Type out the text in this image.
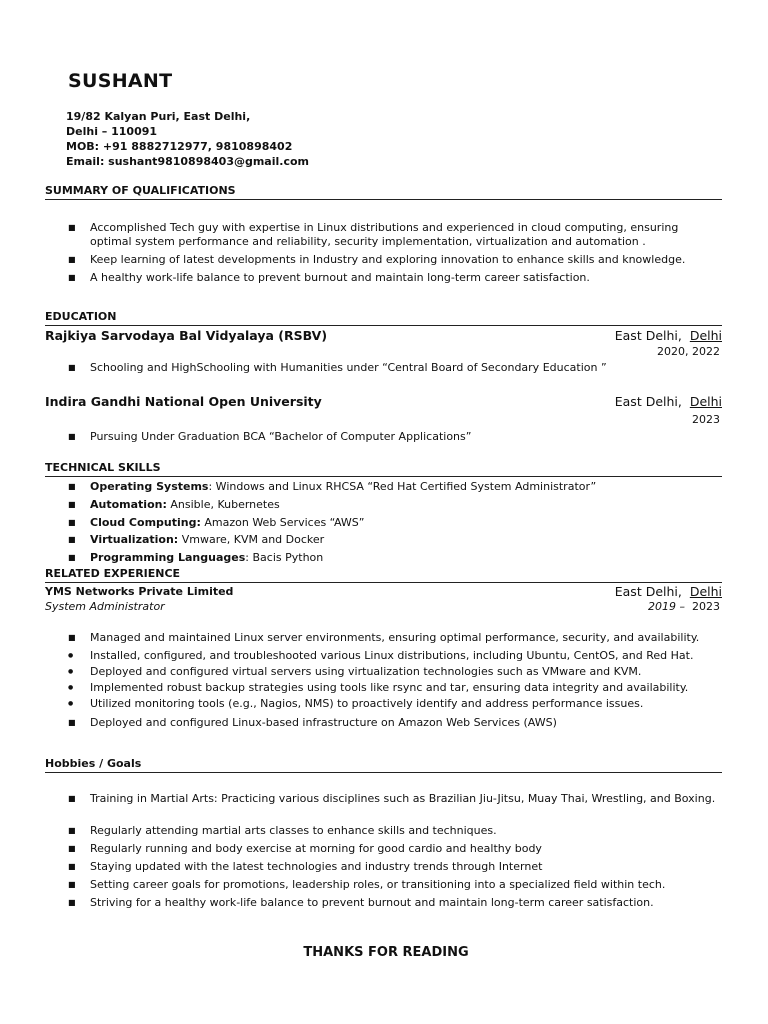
SUSHANT
19/82 Kalyan Puri, East Delhi,
Delhi – 110091
MOB: +91 8882712977, 9810898402
Email: sushant9810898403@gmail.com
SUMMARY OF QUALIFICATIONS
■	Accomplished Tech guy with expertise in Linux distributions and experienced in cloud computing, ensuring optimal system performance and reliability, security implementation, virtualization and automation .
■	Keep learning of latest developments in Industry and exploring innovation to enhance skills and knowledge.
■	A healthy work-life balance to prevent burnout and maintain long-term career satisfaction.
EDUCATION
Rajkiya Sarvodaya Bal Vidyalaya (RSBV)	East Delhi, Delhi
2020, 2022
■	Schooling and HighSchooling with Humanities under “Central Board of Secondary Education ”
Indira Gandhi National Open University	East Delhi, Delhi
2023
■	Pursuing Under Graduation BCA “Bachelor of Computer Applications”
TECHNICAL SKILLS
■	Operating Systems: Windows and Linux RHCSA “Red Hat Certified System Administrator”
■	Automation: Ansible, Kubernetes
■	Cloud Computing: Amazon Web Services “AWS”
■	Virtualization: Vmware, KVM and Docker
■	Programming Languages: Bacis Python
RELATED EXPERIENCE
YMS Networks Private Limited	East Delhi, Delhi
System Administrator	2019 – 2023
■	Managed and maintained Linux server environments, ensuring optimal performance, security, and availability.
●	Installed, configured, and troubleshooted various Linux distributions, including Ubuntu, CentOS, and Red Hat.
●	Deployed and configured virtual servers using virtualization technologies such as VMware and KVM.
●	Implemented robust backup strategies using tools like rsync and tar, ensuring data integrity and availability.
●	Utilized monitoring tools (e.g., Nagios, NMS) to proactively identify and address performance issues.
■	Deployed and configured Linux-based infrastructure on Amazon Web Services (AWS)
Hobbies / Goals
■	Training in Martial Arts: Practicing various disciplines such as Brazilian Jiu-Jitsu, Muay Thai, Wrestling, and Boxing.
■	Regularly attending martial arts classes to enhance skills and techniques.
■	Regularly running and body exercise at morning for good cardio and healthy body
■	Staying updated with the latest technologies and industry trends through Internet
■	Setting career goals for promotions, leadership roles, or transitioning into a specialized field within tech.
■	Striving for a healthy work-life balance to prevent burnout and maintain long-term career satisfaction.
THANKS FOR READING
